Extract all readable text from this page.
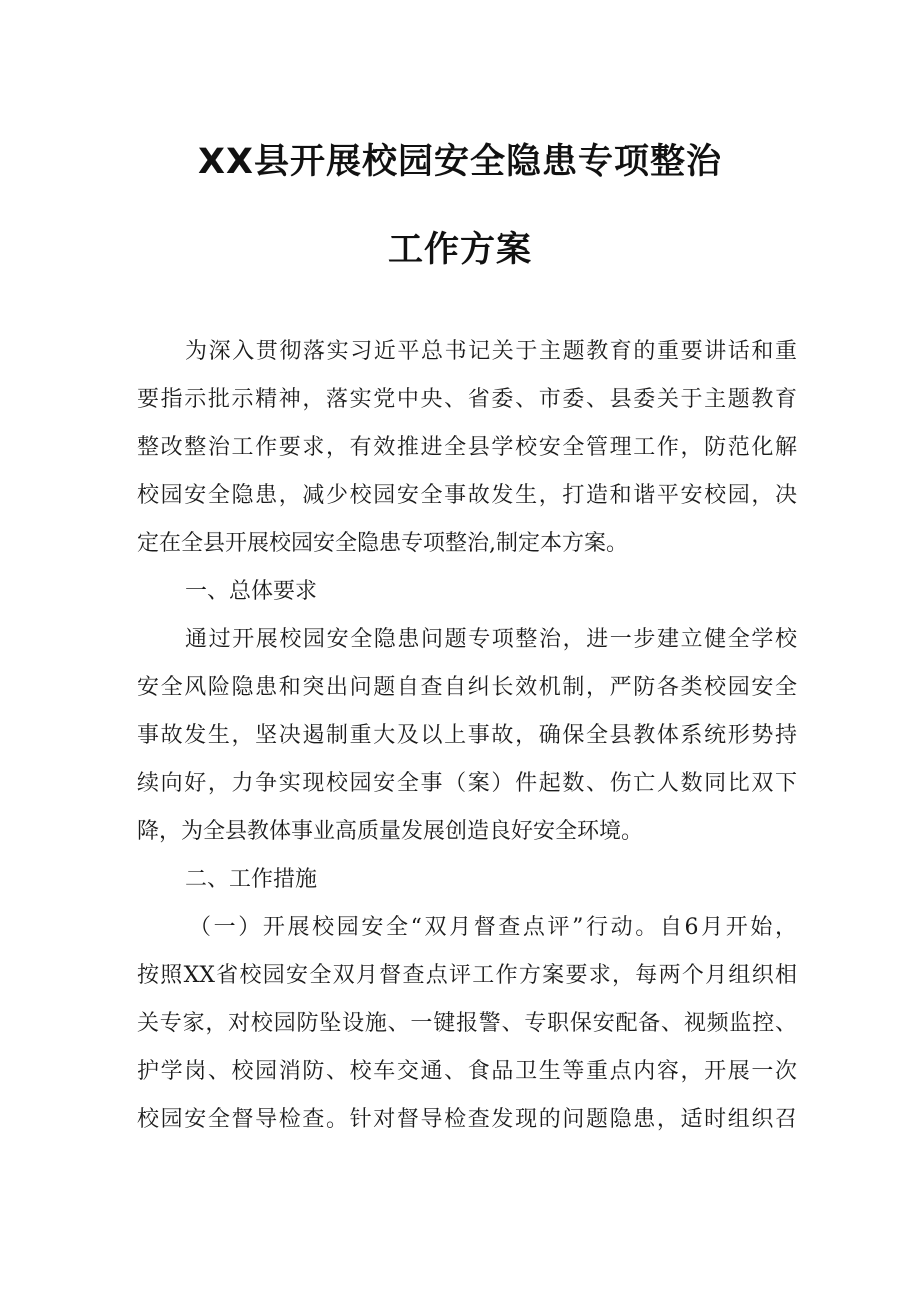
XX县开展校园安全隐患专项整治
工作方案
为深入贯彻落实习近平总书记关于主题教育的重要讲话和重
要指示批示精神，落实党中央、省委、市委、县委关于主题教育
整改整治工作要求，有效推进全县学校安全管理工作，防范化解
校园安全隐患，减少校园安全事故发生，打造和谐平安校园，决
定在全县开展校园安全隐患专项整治,制定本方案。
一、总体要求
通过开展校园安全隐患问题专项整治，进一步建立健全学校
安全风险隐患和突出问题自查自纠长效机制，严防各类校园安全
事故发生，坚决遏制重大及以上事故，确保全县教体系统形势持
续向好，力争实现校园安全事（案）件起数、伤亡人数同比双下
降，为全县教体事业高质量发展创造良好安全环境。
二、工作措施
（一）开展校园安全“双月督查点评”行动。自6月开始，
按照XX省校园安全双月督查点评工作方案要求，每两个月组织相
关专家，对校园防坠设施、一键报警、专职保安配备、视频监控、
护学岗、校园消防、校车交通、食品卫生等重点内容，开展一次
校园安全督导检查。针对督导检查发现的问题隐患，适时组织召
